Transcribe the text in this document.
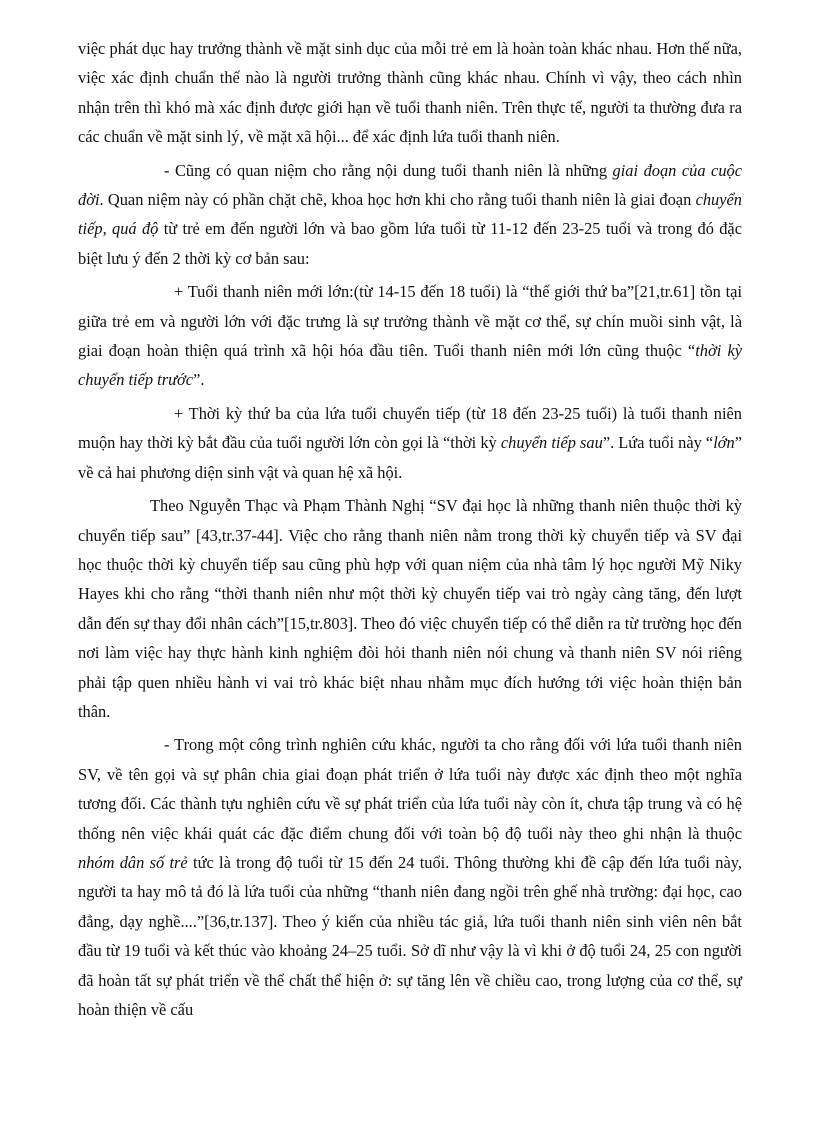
việc phát dục hay trưởng thành về mặt sinh dục của mỗi trẻ em là hoàn toàn khác nhau. Hơn thế nữa, việc xác định chuẩn thế nào là người trưởng thành cũng khác nhau. Chính vì vậy, theo cách nhìn nhận trên thì khó mà xác định được giới hạn về tuổi thanh niên. Trên thực tế, người ta thường đưa ra các chuẩn về mặt sinh lý, về mặt xã hội... để xác định lứa tuổi thanh niên.

- Cũng có quan niệm cho rằng nội dung tuổi thanh niên là những giai đoạn của cuộc đời. Quan niệm này có phần chặt chẽ, khoa học hơn khi cho rằng tuổi thanh niên là giai đoạn chuyển tiếp, quá độ từ trẻ em đến người lớn và bao gồm lứa tuổi từ 11-12 đến 23-25 tuổi và trong đó đặc biệt lưu ý đến 2 thời kỳ cơ bản sau:

+ Tuổi thanh niên mới lớn:(từ 14-15 đến 18 tuổi) là “thế giới thứ ba”[21,tr.61] tồn tại giữa trẻ em và người lớn với đặc trưng là sự trưởng thành về mặt cơ thể, sự chín muồi sinh vật, là giai đoạn hoàn thiện quá trình xã hội hóa đầu tiên. Tuổi thanh niên mới lớn cũng thuộc “thời kỳ chuyển tiếp trước”.

+ Thời kỳ thứ ba của lứa tuổi chuyển tiếp (từ 18 đến 23-25 tuổi) là tuổi thanh niên muộn hay thời kỳ bắt đầu của tuổi người lớn còn gọi là “thời kỳ chuyển tiếp sau”. Lứa tuổi này “lớn” về cả hai phương diện sinh vật và quan hệ xã hội.

Theo Nguyễn Thạc và Phạm Thành Nghị “SV đại học là những thanh niên thuộc thời kỳ chuyển tiếp sau” [43,tr.37-44]. Việc cho rằng thanh niên nằm trong thời kỳ chuyển tiếp và SV đại học thuộc thời kỳ chuyển tiếp sau cũng phù hợp với quan niệm của nhà tâm lý học người Mỹ Niky Hayes khi cho rằng “thời thanh niên như một thời kỳ chuyển tiếp vai trò ngày càng tăng, đến lượt dẫn đến sự thay đổi nhân cách”[15,tr.803]. Theo đó việc chuyển tiếp có thể diễn ra từ trường học đến nơi làm việc hay thực hành kinh nghiệm đòi hỏi thanh niên nói chung và thanh niên SV nói riêng phải tập quen nhiều hành vi vai trò khác biệt nhau nhằm mục đích hướng tới việc hoàn thiện bản thân.

- Trong một công trình nghiên cứu khác, người ta cho rằng đối với lứa tuổi thanh niên SV, về tên gọi và sự phân chia giai đoạn phát triển ở lứa tuổi này được xác định theo một nghĩa tương đối. Các thành tựu nghiên cứu về sự phát triển của lứa tuổi này còn ít, chưa tập trung và có hệ thống nên việc khái quát các đặc điểm chung đối với toàn bộ độ tuổi này theo ghi nhận là thuộc nhóm dân số trẻ tức là trong độ tuổi từ 15 đến 24 tuổi. Thông thường khi đề cập đến lứa tuổi này, người ta hay mô tả đó là lứa tuổi của những “thanh niên đang ngồi trên ghế nhà trường: đại học, cao đẳng, dạy nghề....”[36,tr.137]. Theo ý kiến của nhiều tác giả, lứa tuổi thanh niên sinh viên nên bắt đầu từ 19 tuổi và kết thúc vào khoảng 24–25 tuổi. Sở dĩ như vậy là vì khi ở độ tuổi 24, 25 con người đã hoàn tất sự phát triển về thể chất thể hiện ở: sự tăng lên về chiều cao, trong lượng của cơ thể, sự hoàn thiện về cấu
